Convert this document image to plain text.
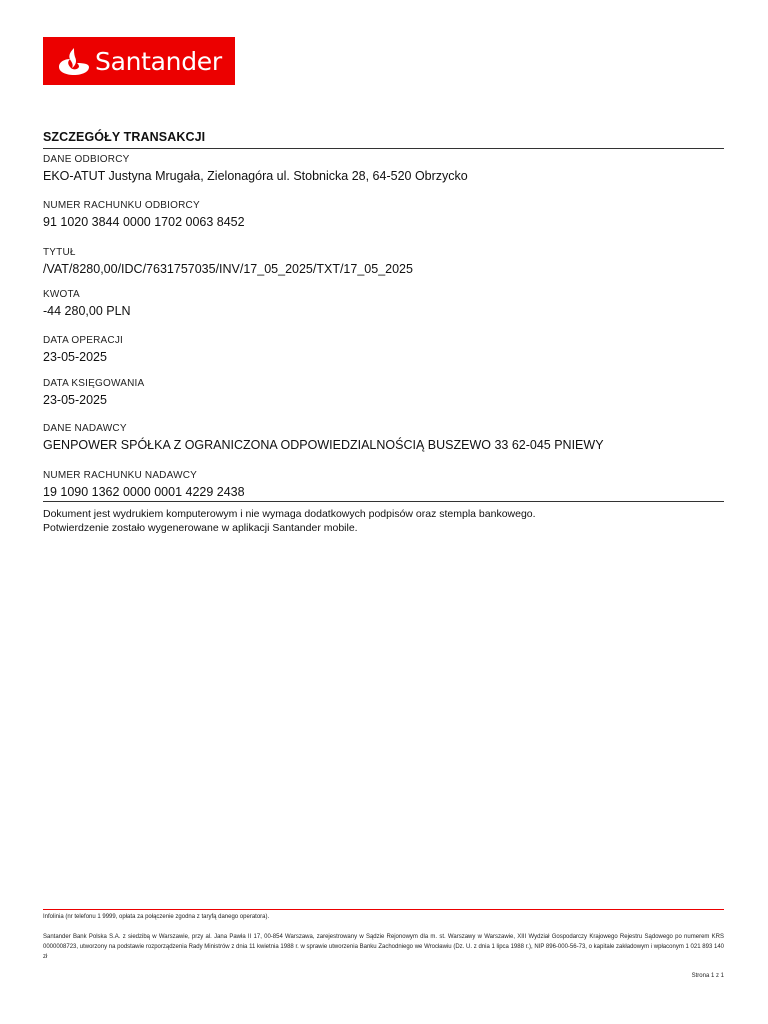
Santander
SZCZEGÓŁY TRANSAKCJI
DANE ODBIORCY
EKO-ATUT Justyna Mrugała, Zielonagóra ul. Stobnicka 28, 64-520 Obrzycko
NUMER RACHUNKU ODBIORCY
91 1020 3844 0000 1702 0063 8452
TYTUŁ
/VAT/8280,00/IDC/7631757035/INV/17_05_2025/TXT/17_05_2025
KWOTA
-44 280,00 PLN
DATA OPERACJI
23-05-2025
DATA KSIĘGOWANIA
23-05-2025
DANE NADAWCY
GENPOWER SPÓŁKA Z OGRANICZONA ODPOWIEDZIALNOŚCIĄ BUSZEWO 33 62-045 PNIEWY
NUMER RACHUNKU NADAWCY
19 1090 1362 0000 0001 4229 2438
Dokument jest wydrukiem komputerowym i nie wymaga dodatkowych podpisów oraz stempla bankowego.
Potwierdzenie zostało wygenerowane w aplikacji Santander mobile.
Infolinia (nr telefonu 1 9999, opłata za połączenie zgodna z taryfą danego operatora).
Santander Bank Polska S.A. z siedzibą w Warszawie, przy al. Jana Pawła II 17, 00-854 Warszawa, zarejestrowany w Sądzie Rejonowym dla m. st. Warszawy w Warszawie, XIII Wydział Gospodarczy Krajowego Rejestru Sądowego po numerem KRS 0000008723, utworzony na podstawie rozporządzenia Rady Ministrów z dnia 11 kwietnia 1988 r. w sprawie utworzenia Banku Zachodniego we Wrocławiu (Dz. U. z dnia 1 lipca 1988 r.), NIP 896-000-56-73, o kapitale zakładowym i wpłaconym 1 021 893 140 zł
Strona 1 z 1
